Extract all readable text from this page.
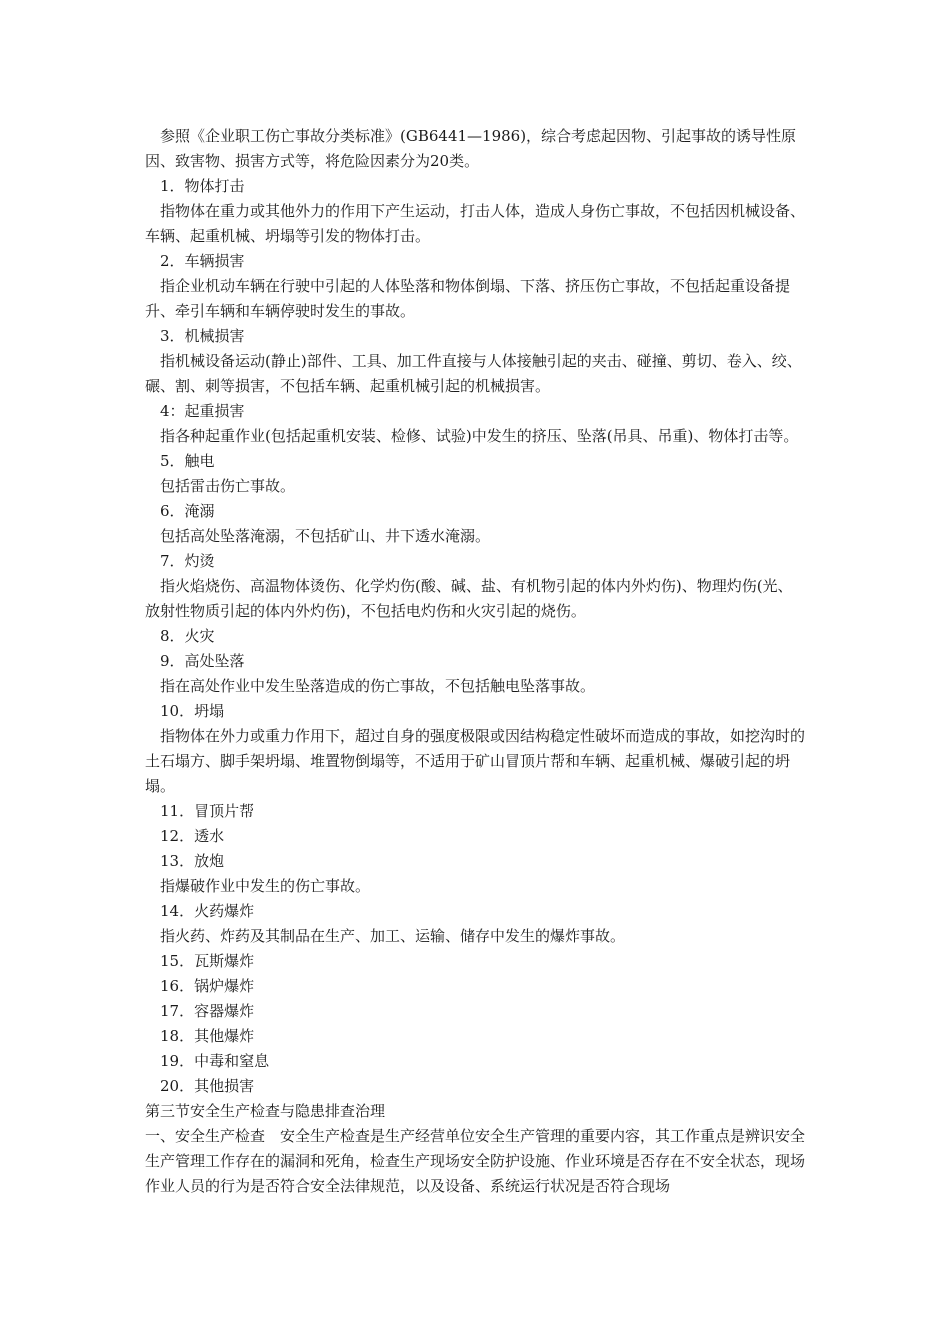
参照《企业职工伤亡事故分类标准》(GB6441—1986)，综合考虑起因物、引起事故的诱导性原因、致害物、损害方式等，将危险因素分为20类。

1．物体打击

指物体在重力或其他外力的作用下产生运动，打击人体，造成人身伤亡事故，不包括因机械设备、车辆、起重机械、坍塌等引发的物体打击。

2．车辆损害

指企业机动车辆在行驶中引起的人体坠落和物体倒塌、下落、挤压伤亡事故，不包括起重设备提升、牵引车辆和车辆停驶时发生的事故。

3．机械损害

指机械设备运动(静止)部件、工具、加工件直接与人体接触引起的夹击、碰撞、剪切、卷入、绞、碾、割、刺等损害，不包括车辆、起重机械引起的机械损害。

4：起重损害

指各种起重作业(包括起重机安装、检修、试验)中发生的挤压、坠落(吊具、吊重)、物体打击等。

5．触电

包括雷击伤亡事故。

6．淹溺

包括高处坠落淹溺，不包括矿山、井下透水淹溺。

7．灼烫

指火焰烧伤、高温物体烫伤、化学灼伤(酸、碱、盐、有机物引起的体内外灼伤)、物理灼伤(光、放射性物质引起的体内外灼伤)，不包括电灼伤和火灾引起的烧伤。

8．火灾

9．高处坠落

指在高处作业中发生坠落造成的伤亡事故，不包括触电坠落事故。

10．坍塌

指物体在外力或重力作用下，超过自身的强度极限或因结构稳定性破坏而造成的事故，如挖沟时的土石塌方、脚手架坍塌、堆置物倒塌等，不适用于矿山冒顶片帮和车辆、起重机械、爆破引起的坍塌。

11．冒顶片帮

12．透水

13．放炮

指爆破作业中发生的伤亡事故。

14．火药爆炸

指火药、炸药及其制品在生产、加工、运输、储存中发生的爆炸事故。

15．瓦斯爆炸

16．锅炉爆炸

17．容器爆炸

18．其他爆炸

19．中毒和窒息

20．其他损害

第三节安全生产检查与隐患排查治理

一、安全生产检查　安全生产检查是生产经营单位安全生产管理的重要内容，其工作重点是辨识安全生产管理工作存在的漏洞和死角，检查生产现场安全防护设施、作业环境是否存在不安全状态，现场作业人员的行为是否符合安全法律规范，以及设备、系统运行状况是否符合现场
